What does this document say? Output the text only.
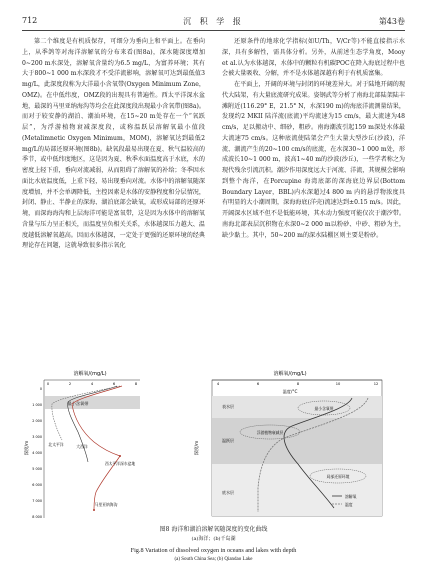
712	沉 积 学 报	第43卷

第二个维度是有机质保存，可细分为垂向上和平面上。在垂向上，从季鸽等对海洋溶解氧的分布来看(图8a)，深水随深度增加0~200 m水深处，溶解氧含量约为6.5 mg/L，为富养环境；其有大于800~1 000 m水深段才不受洋流影响，溶解氧可达到最低值3 mg/L，此深度段称为大洋最小含氧带(Oxygen Minimum Zone，OMZ)。在中低纬度，OMZ段的出现具有普遍性。西太平洋深水盆地，最深的马里亚纳海沟等均会在此深度段出现最小含氧带(图8a)。而对于较安静的湖泊、潮汕环境，在15~20 m处存在一个“氧跃层”，为浮游植物衰减深度段，或称温跃层溶解氧最小值段(Metalimnetic Oxygen Minimum，MOM)，溶解氧达到最低2 mg/L的局部还原环境(图8b)。缺氧段最易出现在夏、秋气温较高的季节，或中低纬度地区，这是因为夏、秋季水面温度高于水底，水的密度上轻下重，垂向对流减弱，从而阻碍了溶解氧的补给；冬季因水面比水底温度低，上重下轻，易出现垂向对流。水体中的溶解氧随深度增加，并不会单调降低，主控因素是水体的安静程度和分层情况，封闭、静止、半静止的深海、湖泊底部会缺氧，或形成局部的还原环境，而深海海沟和上层海洋可能是富氧带，这是因为水体中的溶解氧含量与压力呈正相关，而温度呈负相关关系，水体越深压力越大、温度越低溶解氧越高。因而水体越深，一定处于更强的还原环境的经典理论存在问题，这就导致很多指示氧化

还原条件的地球化学指标(如U/Th，V/Cr等)不能直接指示水深，具有多解性，需具体分析。另外，从前述生态学角度，Mooy et al.认为水体越深，水体中的颗粒有机碳POC在降入海底过程中也会被大量吸收、分解，并不是水体越深越有利于有机质富集。

在平面上，开阔的环境与封闭的环境差异大。对于陆地开阔的现代大陆架，有大量底流研究成果。姿钢武等分析了南海北部陆架陆丰滩附近(116.29° E，21.5° N，水深190 m)的海底洋流测量结果，发现约2 MKII 陆洋流(底流)平均流速为15 cm/s，最大流速为48 cm/s，足以搬动中、细砂，粗砂。南海潮波引起159 m深处水体最大流速75 cm/s。这种底流使陆架会产生大量大型沙丘(沙波)，洋流、潮流产生的20~100 cm/s的底流，在水深30~1 000 m处，形成波长10~1 000 m，波高1~40 m的沙波(沙丘)，一些学者称之为现代残余引流沉积。潮汐作用深度远大于河流、洋流，其规模会影响到整个海洋，在Porcupine 海湾底部的深海底边界层(Bottom Boundary Layer，BBL)内水深超过4 800 m 内的悬浮物浓度具有明显的大小潮周期，深海海底(洋壳)流速达到±0.15 m/s。因此，开阔深水区域不但不是低能环境，其水动力强度可能仅次于潮汐带。南海北部表层沉积物在水深0~2 000 m以粉砂、中砂、粗砂为主，缺少黏土。其中，50~200 m的深水陆棚区则主要是粉砂。

溶解氧/(mg/L)
0	2	4	6	8
深度/m
0
1 000
2 000
3 000
4 000
5 000
6 000
7 000
8 000
最小含氧带
大西洋
北太平洋
西太平洋深水盆地
马里亚纳海沟
溶解氧/(mg/L)
4	6	8	10	12
温度/°C
深度/m
表水层
温跃层
底水层
最小含氧带
浮游植物衰减层
局部还原环境
溶解氧
温度
图8 海洋和湖泊溶解氧随深度的变化曲线
(a)海洋；(b)千岛湖
Fig.8 Variation of dissolved oxygen in oceans and lakes with depth
(a) South China Sea; (b) Qiandao Lake
